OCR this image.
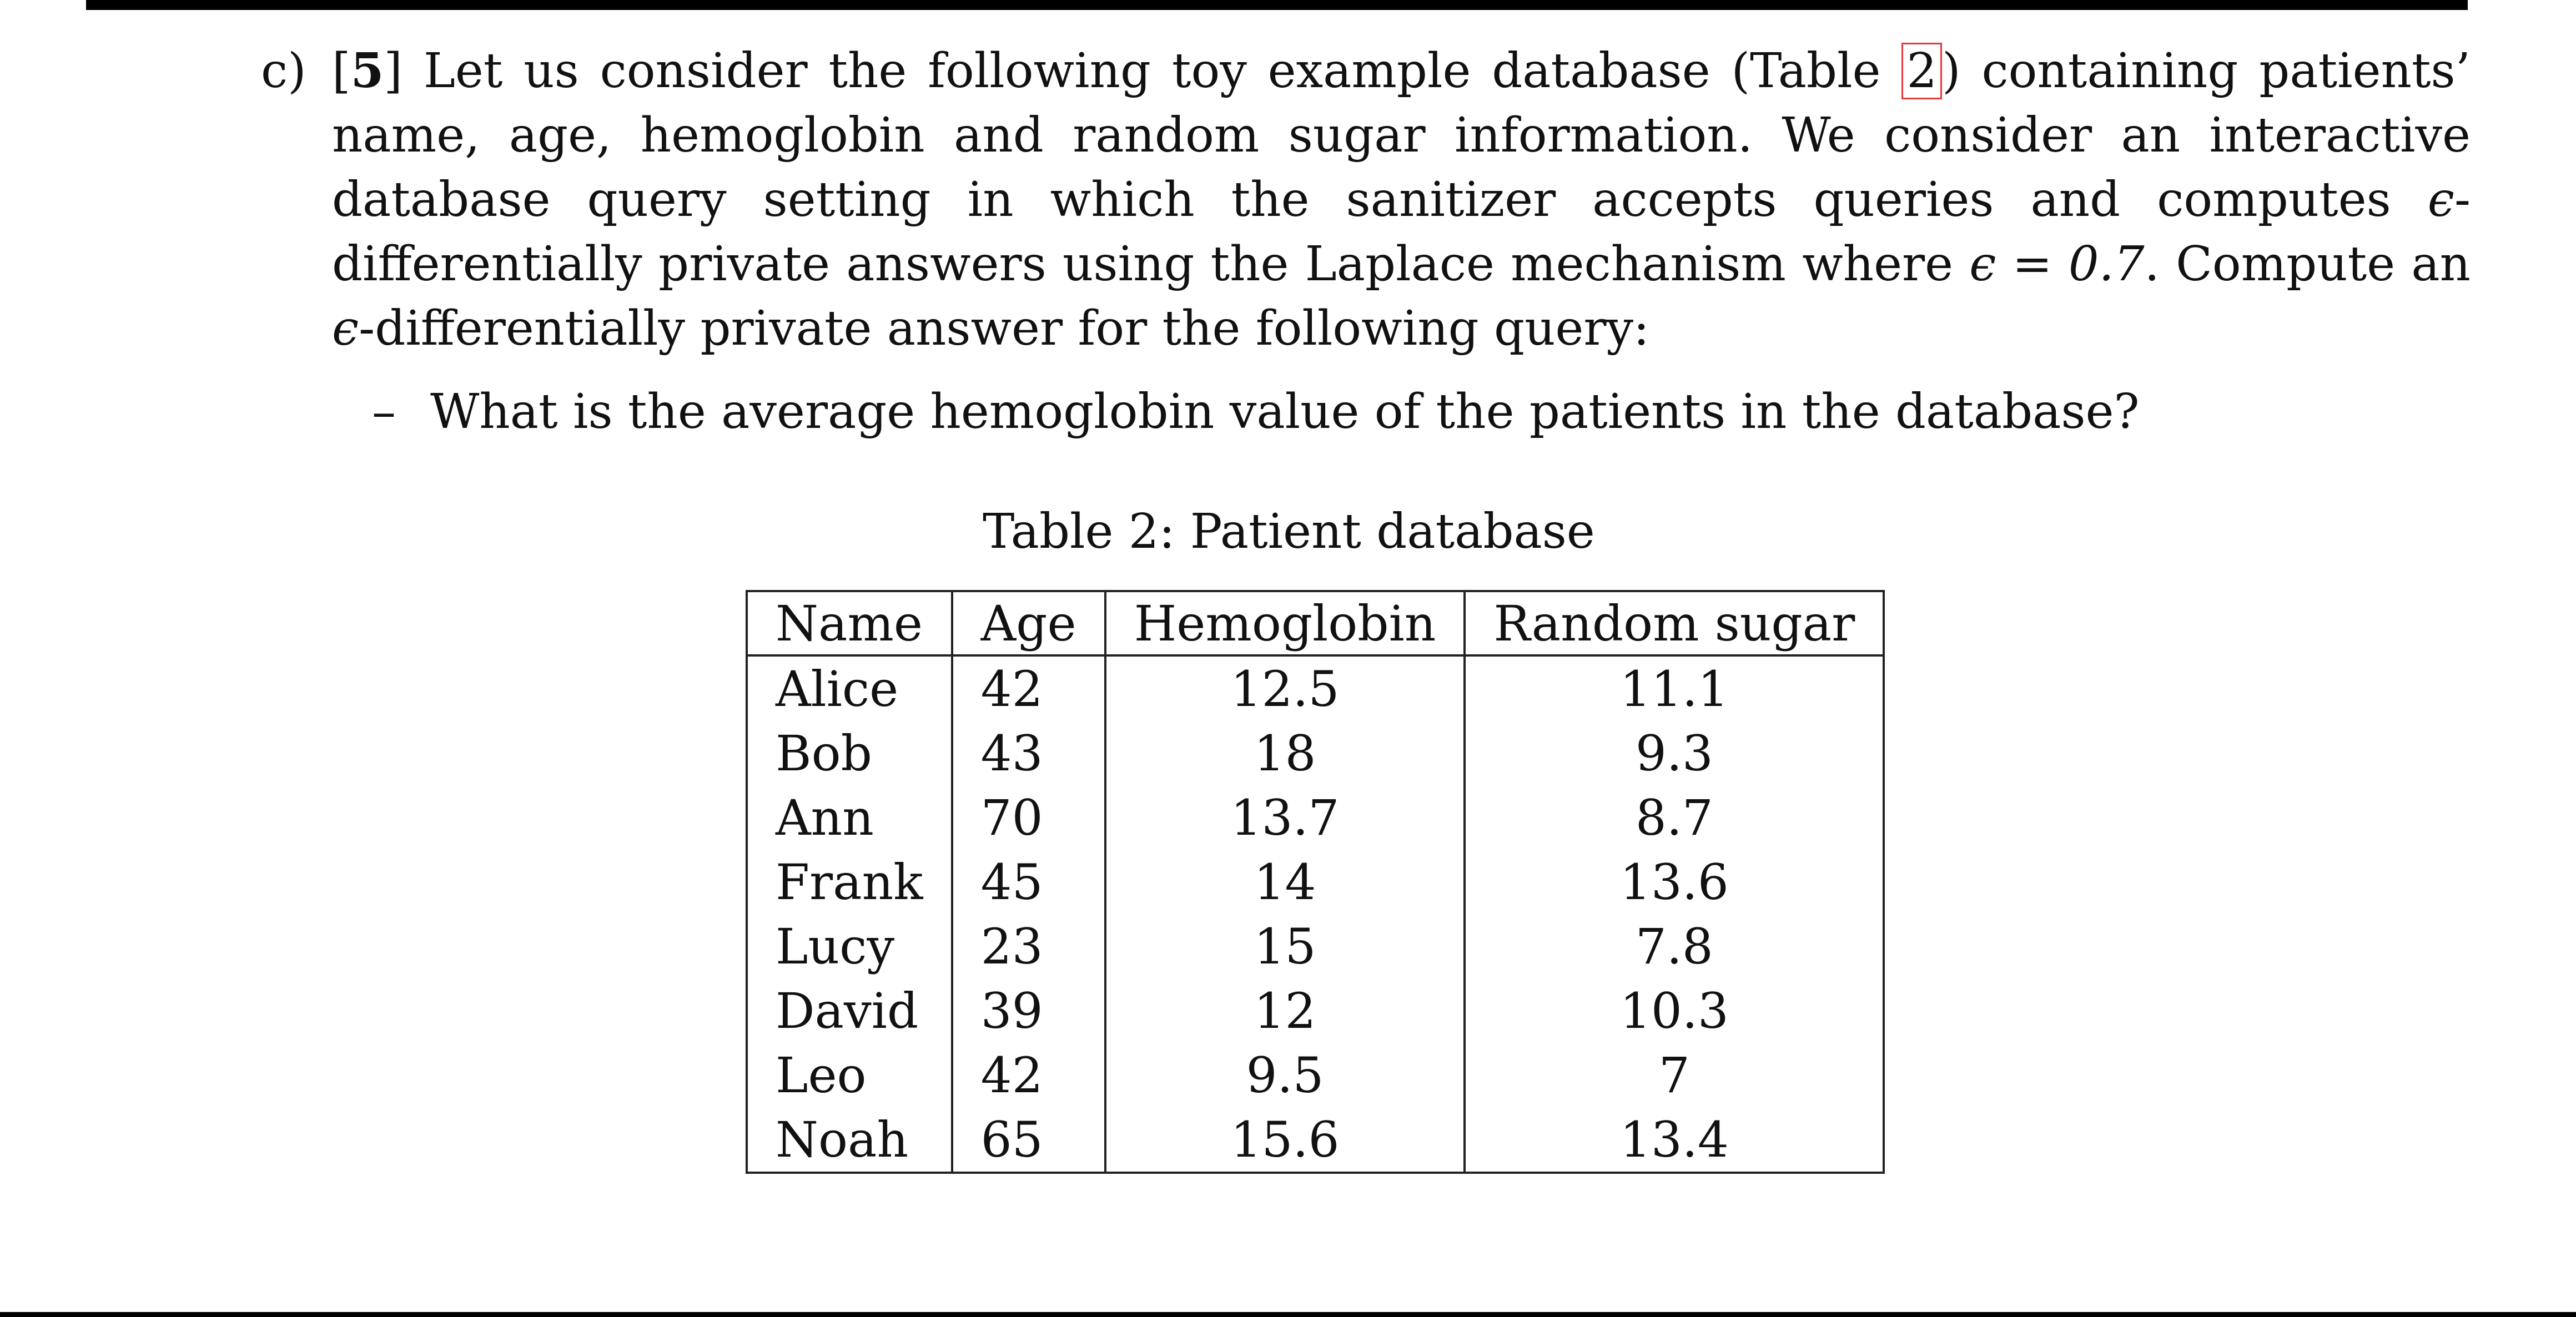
c) [5] Let us consider the following toy example database (Table 2 ) containing patients’ name, age, hemoglobin and random sugar information. We consider an interactive database query setting in which the sanitizer accepts queries and computes ϵ-differentially private answers using the Laplace mechanism where ϵ = 0.7. Compute an ϵ-differentially private answer for the following query:
– What is the average hemoglobin value of the patients in the database?
Table 2: Patient database
Name	Age	Hemoglobin	Random sugar
Alice	42	12.5	11.1
Bob	43	18	9.3
Ann	70	13.7	8.7
Frank	45	14	13.6
Lucy	23	15	7.8
David	39	12	10.3
Leo	42	9.5	7
Noah	65	15.6	13.4
